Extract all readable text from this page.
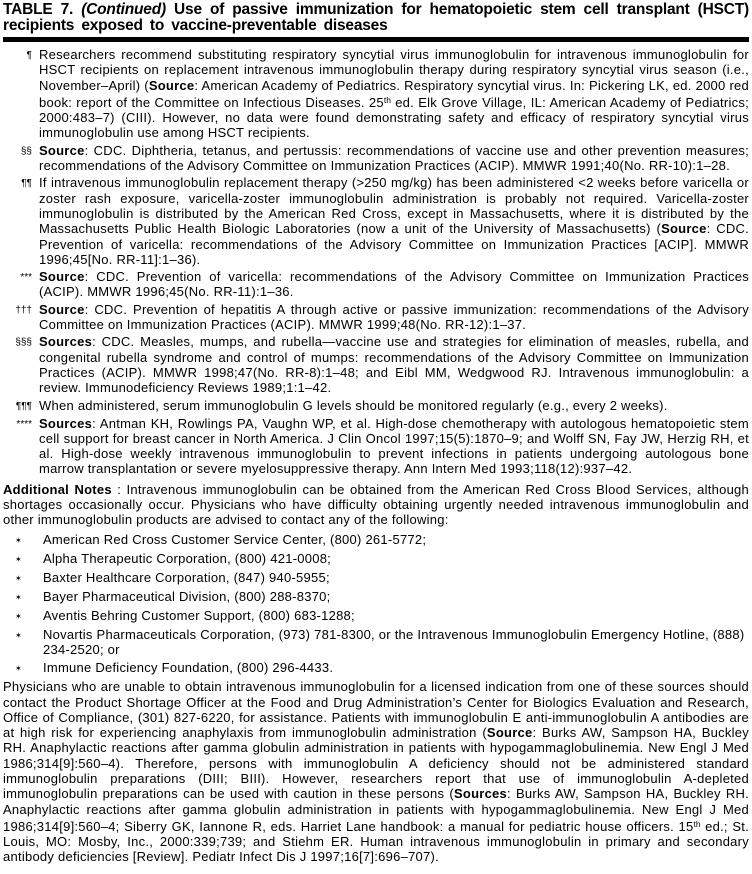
TABLE 7. (Continued) Use of passive immunization for hematopoietic stem cell transplant (HSCT) recipients exposed to vaccine-preventable diseases
¶ Researchers recommend substituting respiratory syncytial virus immunoglobulin for intravenous immunoglobulin for HSCT recipients on replacement intravenous immunoglobulin therapy during respiratory syncytial virus season (i.e., November–April) (Source: American Academy of Pediatrics. Respiratory syncytial virus. In: Pickering LK, ed. 2000 red book: report of the Committee on Infectious Diseases. 25th ed. Elk Grove Village, IL: American Academy of Pediatrics; 2000:483–7) (CIII). However, no data were found demonstrating safety and efficacy of respiratory syncytial virus immunoglobulin use among HSCT recipients.

§§ Source: CDC. Diphtheria, tetanus, and pertussis: recommendations of vaccine use and other prevention measures; recommendations of the Advisory Committee on Immunization Practices (ACIP). MMWR 1991;40(No. RR-10):1–28.

¶¶ If intravenous immunoglobulin replacement therapy (>250 mg/kg) has been administered <2 weeks before varicella or zoster rash exposure, varicella-zoster immunoglobulin administration is probably not required. Varicella-zoster immunoglobulin is distributed by the American Red Cross, except in Massachusetts, where it is distributed by the Massachusetts Public Health Biologic Laboratories (now a unit of the University of Massachusetts) (Source: CDC. Prevention of varicella: recommendations of the Advisory Committee on Immunization Practices [ACIP]. MMWR 1996;45[No. RR-11]:1–36).

*** Source: CDC. Prevention of varicella: recommendations of the Advisory Committee on Immunization Practices (ACIP). MMWR 1996;45(No. RR-11):1–36.

††† Source: CDC. Prevention of hepatitis A through active or passive immunization: recommendations of the Advisory Committee on Immunization Practices (ACIP). MMWR 1999;48(No. RR-12):1–37.

§§§ Sources: CDC. Measles, mumps, and rubella—vaccine use and strategies for elimination of measles, rubella, and congenital rubella syndrome and control of mumps: recommendations of the Advisory Committee on Immunization Practices (ACIP). MMWR 1998;47(No. RR-8):1–48; and Eibl MM, Wedgwood RJ. Intravenous immunoglobulin: a review. Immunodeficiency Reviews 1989;1:1–42.

¶¶¶ When administered, serum immunoglobulin G levels should be monitored regularly (e.g., every 2 weeks).

**** Sources: Antman KH, Rowlings PA, Vaughn WP, et al. High-dose chemotherapy with autologous hematopoietic stem cell support for breast cancer in North America. J Clin Oncol 1997;15(5):1870–9; and Wolff SN, Fay JW, Herzig RH, et al. High-dose weekly intravenous immunoglobulin to prevent infections in patients undergoing autologous bone marrow transplantation or severe myelosuppressive therapy. Ann Intern Med 1993;118(12):937–42.

Additional Notes : Intravenous immunoglobulin can be obtained from the American Red Cross Blood Services, although shortages occasionally occur. Physicians who have difficulty obtaining urgently needed intravenous immunoglobulin and other immunoglobulin products are advised to contact any of the following:

✶	American Red Cross Customer Service Center, (800) 261-5772;

✶	Alpha Therapeutic Corporation, (800) 421-0008;

✶	Baxter Healthcare Corporation, (847) 940-5955;

✶	Bayer Pharmaceutical Division, (800) 288-8370;

✶	Aventis Behring Customer Support, (800) 683-1288;

✶	Novartis Pharmaceuticals Corporation, (973) 781-8300, or the Intravenous Immunoglobulin Emergency Hotline, (888) 234-2520; or

✶	Immune Deficiency Foundation, (800) 296-4433.

Physicians who are unable to obtain intravenous immunoglobulin for a licensed indication from one of these sources should contact the Product Shortage Officer at the Food and Drug Administration’s Center for Biologics Evaluation and Research, Office of Compliance, (301) 827-6220, for assistance. Patients with immunoglobulin E anti-immunoglobulin A antibodies are at high risk for experiencing anaphylaxis from immunoglobulin administration (Source: Burks AW, Sampson HA, Buckley RH. Anaphylactic reactions after gamma globulin administration in patients with hypogammaglobulinemia. New Engl J Med 1986;314[9]:560–4). Therefore, persons with immunoglobulin A deficiency should not be administered standard immunoglobulin preparations (DIII; BIII). However, researchers report that use of immunoglobulin A-depleted immunoglobulin preparations can be used with caution in these persons (Sources: Burks AW, Sampson HA, Buckley RH. Anaphylactic reactions after gamma globulin administration in patients with hypogammaglobulinemia. New Engl J Med 1986;314[9]:560–4; Siberry GK, Iannone R, eds. Harriet Lane handbook: a manual for pediatric house officers. 15th ed.; St. Louis, MO: Mosby, Inc., 2000:339;739; and Stiehm ER. Human intravenous immunoglobulin in primary and secondary antibody deficiencies [Review]. Pediatr Infect Dis J 1997;16[7]:696–707).
